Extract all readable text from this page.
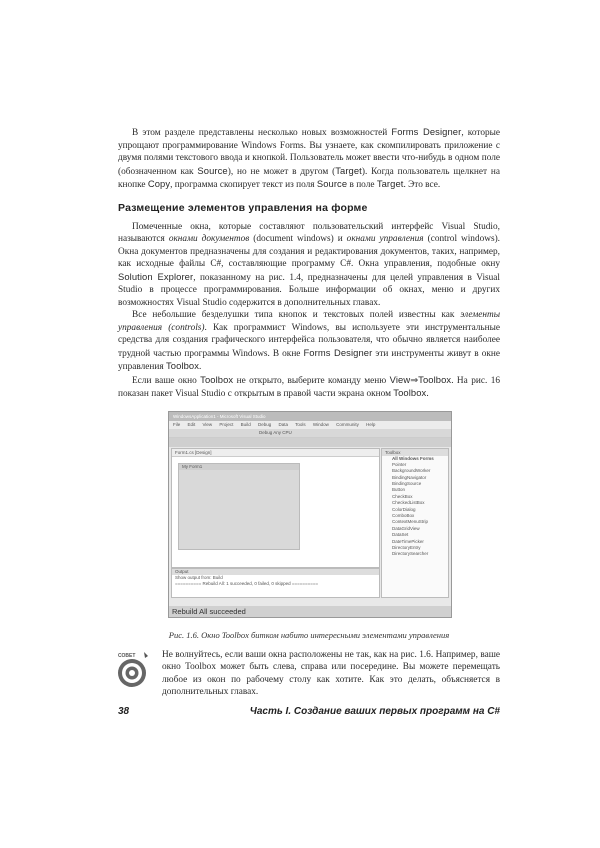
В этом разделе представлены несколько новых возможностей Forms Designer, которые упрощают программирование Windows Forms. Вы узнаете, как скомпилировать приложение с двумя полями текстового ввода и кнопкой. Пользователь может ввести что-нибудь в одном поле (обозначенном как Source), но не может в другом (Target). Когда пользователь щелкнет на кнопке Copy, программа скопирует текст из поля Source в поле Target. Это все.

Размещение элементов управления на форме

Помеченные окна, которые составляют пользовательский интерфейс Visual Studio, называются окнами документов (document windows) и окнами управления (control windows). Окна документов предназначены для создания и редактирования документов, таких, например, как исходные файлы C#, составляющие программу C#. Окна управления, подобные окну Solution Explorer, показанному на рис. 1.4, предназначены для целей управления в Visual Studio в процессе программирования. Больше информации об окнах, меню и других возможностях Visual Studio содержится в дополнительных главах.

Все небольшие безделушки типа кнопок и текстовых полей известны как элементы управления (controls). Как программист Windows, вы используете эти инструментальные средства для создания графического интерфейса пользователя, что обычно является наиболее трудной частью программы Windows. В окне Forms Designer эти инструменты живут в окне управления Toolbox.

Если ваше окно Toolbox не открыто, выберите команду меню View⇒Toolbox. На рис. 16 показан пакет Visual Studio с открытым в правой части экрана окном Toolbox.

WindowsApplication1 - Microsoft Visual Studio
File Edit View Project Build Debug Data Tools Window Community Help
Debug Any CPU
Form1.cs [Design]
My Form1
Toolbox
All Windows Forms
Pointer
BackgroundWorker
BindingNavigator
BindingSource
Button
CheckBox
CheckedListBox
ColorDialog
ComboBox
ContextMenuStrip
DataGridView
DataSet
DateTimePicker
DirectoryEntry
DirectorySearcher
Output
Show output from: Build
========== Rebuild All: 1 succeeded, 0 failed, 0 skipped ==========
Rebuild All succeeded
Рис. 1.6. Окно Toolbox битком набито интересными элементами управления
СОВЕТ	Не волнуйтесь, если ваши окна расположены не так, как на рис. 1.6. Например, ваше окно Toolbox может быть слева, справа или посередине. Вы можете перемещать любое из окон по рабочему столу как хотите. Как это делать, объясняется в дополнительных главах.

38	Часть I. Создание ваших первых программ на C#
